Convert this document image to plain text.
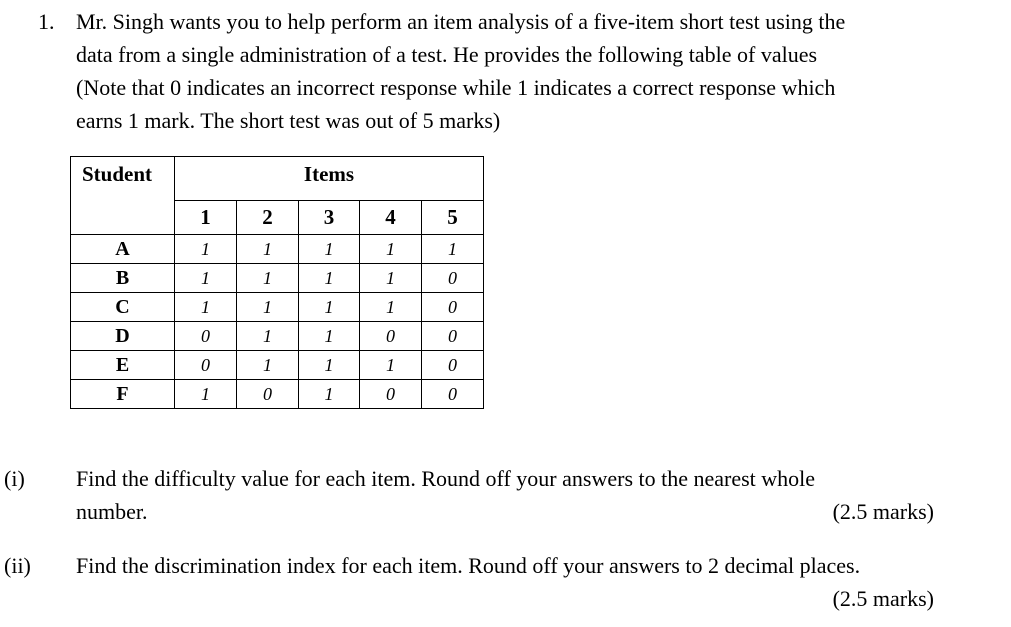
1. Mr. Singh wants you to help perform an item analysis of a five-item short test using the
data from a single administration of a test. He provides the following table of values
(Note that 0 indicates an incorrect response while 1 indicates a correct response which
earns 1 mark. The short test was out of 5 marks)
Student	Items				
	1	2	3	4	5
A	1	1	1	1	1
B	1	1	1	1	0
C	1	1	1	1	0
D	0	1	1	0	0
E	0	1	1	1	0
F	1	0	1	0	0
(i) Find the difficulty value for each item. Round off your answers to the nearest whole
number.	(2.5 marks)
(ii) Find the discrimination index for each item. Round off your answers to 2 decimal places.
(2.5 marks)
